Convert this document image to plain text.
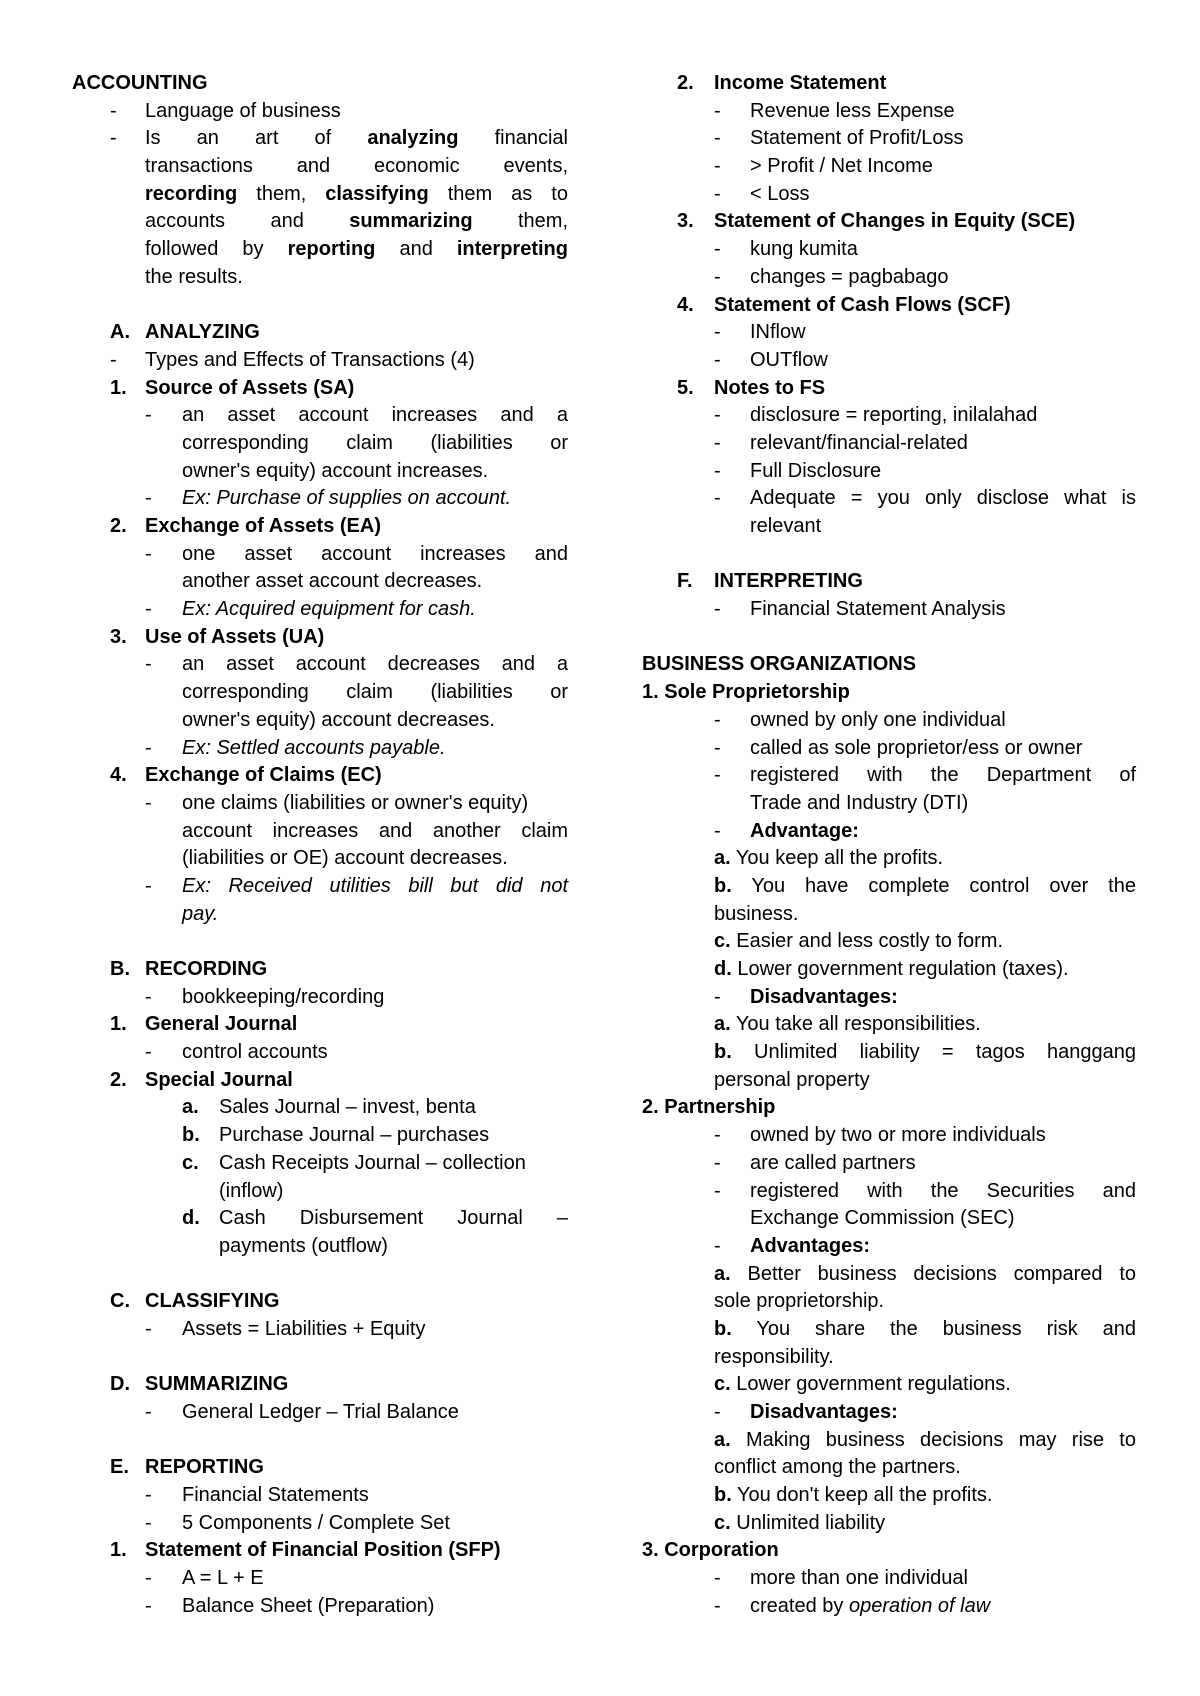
ACCOUNTING
- Language of business
- Is an art of analyzing financial
transactions and economic events,
recording them, classifying them as to
accounts and summarizing them,
followed by reporting and interpreting
the results.
A. ANALYZING
- Types and Effects of Transactions (4)
1. Source of Assets (SA)
- an asset account increases and a
corresponding claim (liabilities or
owner's equity) account increases.
- Ex: Purchase of supplies on account.
2. Exchange of Assets (EA)
- one asset account increases and
another asset account decreases.
- Ex: Acquired equipment for cash.
3. Use of Assets (UA)
- an asset account decreases and a
corresponding claim (liabilities or
owner's equity) account decreases.
- Ex: Settled accounts payable.
4. Exchange of Claims (EC)
- one claims (liabilities or owner's equity)
account increases and another claim
(liabilities or OE) account decreases.
- Ex: Received utilities bill but did not
pay.
B. RECORDING
- bookkeeping/recording
1. General Journal
- control accounts
2. Special Journal
a. Sales Journal – invest, benta
b. Purchase Journal – purchases
c. Cash Receipts Journal – collection
(inflow)
d. Cash Disbursement Journal –
payments (outflow)
C. CLASSIFYING
- Assets = Liabilities + Equity
D. SUMMARIZING
- General Ledger – Trial Balance
E. REPORTING
- Financial Statements
- 5 Components / Complete Set
1. Statement of Financial Position (SFP)
- A = L + E
- Balance Sheet (Preparation)
2. Income Statement
- Revenue less Expense
- Statement of Profit/Loss
- > Profit / Net Income
- < Loss
3. Statement of Changes in Equity (SCE)
- kung kumita
- changes = pagbabago
4. Statement of Cash Flows (SCF)
- INflow
- OUTflow
5. Notes to FS
- disclosure = reporting, inilalahad
- relevant/financial-related
- Full Disclosure
- Adequate = you only disclose what is
relevant
F. INTERPRETING
- Financial Statement Analysis
BUSINESS ORGANIZATIONS
1. Sole Proprietorship
- owned by only one individual
- called as sole proprietor/ess or owner
- registered with the Department of
Trade and Industry (DTI)
- Advantage:
a. You keep all the profits.
b. You have complete control over the
business.
c. Easier and less costly to form.
d. Lower government regulation (taxes).
- Disadvantages:
a. You take all responsibilities.
b. Unlimited liability = tagos hanggang
personal property
2. Partnership
- owned by two or more individuals
- are called partners
- registered with the Securities and
Exchange Commission (SEC)
- Advantages:
a. Better business decisions compared to
sole proprietorship.
b. You share the business risk and
responsibility.
c. Lower government regulations.
- Disadvantages:
a. Making business decisions may rise to
conflict among the partners.
b. You don't keep all the profits.
c. Unlimited liability
3. Corporation
- more than one individual
- created by operation of law
